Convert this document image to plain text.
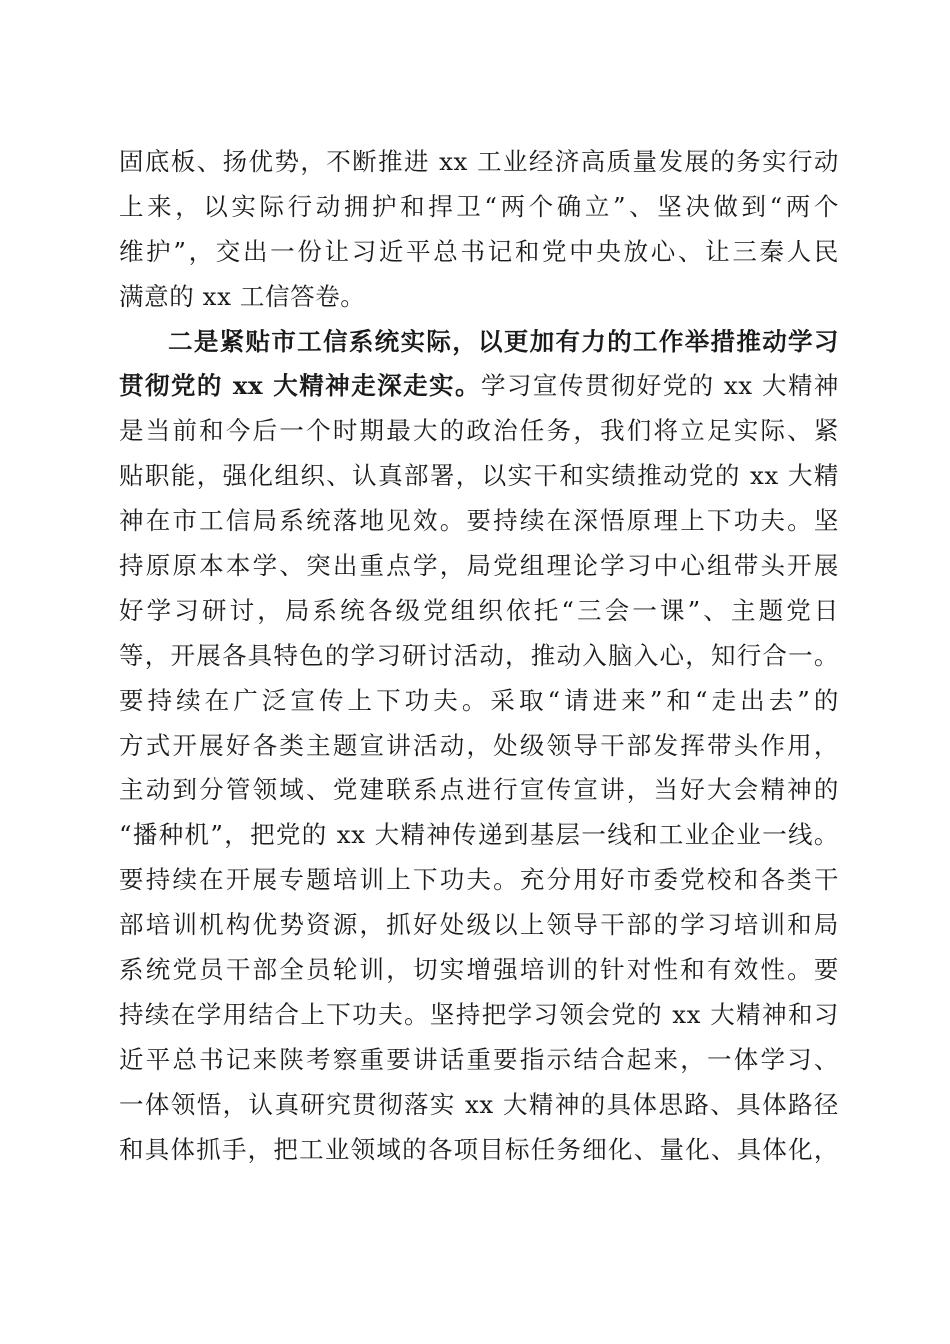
固底板、扬优势，不断推进 xx 工业经济高质量发展的务实行动
上来，以实际行动拥护和捍卫“两个确立”、坚决做到“两个
维护”，交出一份让习近平总书记和党中央放心、让三秦人民
满意的 xx 工信答卷。
二是紧贴市工信系统实际，以更加有力的工作举措推动学习
贯彻党的 xx 大精神走深走实。学习宣传贯彻好党的 xx 大精神
是当前和今后一个时期最大的政治任务，我们将立足实际、紧
贴职能，强化组织、认真部署，以实干和实绩推动党的 xx 大精
神在市工信局系统落地见效。要持续在深悟原理上下功夫。坚
持原原本本学、突出重点学，局党组理论学习中心组带头开展
好学习研讨，局系统各级党组织依托“三会一课”、主题党日
等，开展各具特色的学习研讨活动，推动入脑入心，知行合一。
要持续在广泛宣传上下功夫。采取“请进来”和“走出去”的
方式开展好各类主题宣讲活动，处级领导干部发挥带头作用，
主动到分管领域、党建联系点进行宣传宣讲，当好大会精神的
“播种机”，把党的 xx 大精神传递到基层一线和工业企业一线。
要持续在开展专题培训上下功夫。充分用好市委党校和各类干
部培训机构优势资源，抓好处级以上领导干部的学习培训和局
系统党员干部全员轮训，切实增强培训的针对性和有效性。要
持续在学用结合上下功夫。坚持把学习领会党的 xx 大精神和习
近平总书记来陕考察重要讲话重要指示结合起来，一体学习、
一体领悟，认真研究贯彻落实 xx 大精神的具体思路、具体路径
和具体抓手，把工业领域的各项目标任务细化、量化、具体化，
